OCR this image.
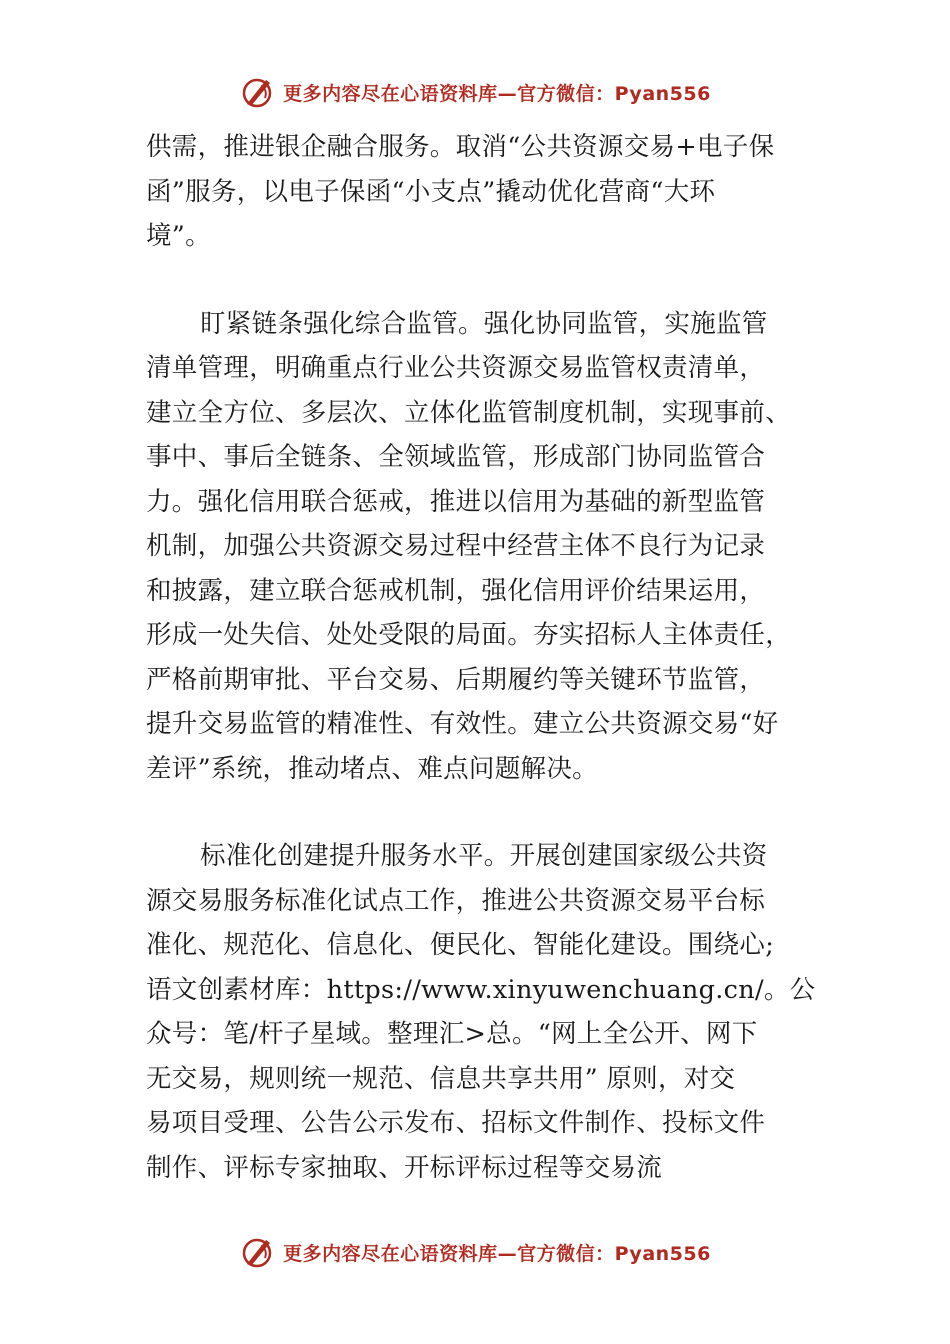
更多内容尽在心语资料库—官方微信：Pyan556
供需，推进银企融合服务。取消“公共资源交易+电子保
函”服务，以电子保函“小支点”撬动优化营商“大环
境”。
盯紧链条强化综合监管。强化协同监管，实施监管
清单管理，明确重点行业公共资源交易监管权责清单，
建立全方位、多层次、立体化监管制度机制，实现事前、
事中、事后全链条、全领域监管，形成部门协同监管合
力。强化信用联合惩戒，推进以信用为基础的新型监管
机制，加强公共资源交易过程中经营主体不良行为记录
和披露，建立联合惩戒机制，强化信用评价结果运用，
形成一处失信、处处受限的局面。夯实招标人主体责任，
严格前期审批、平台交易、后期履约等关键环节监管，
提升交易监管的精准性、有效性。建立公共资源交易“好
差评”系统，推动堵点、难点问题解决。
标准化创建提升服务水平。开展创建国家级公共资
源交易服务标准化试点工作，推进公共资源交易平台标
准化、规范化、信息化、便民化、智能化建设。围绕心;
语文创素材库：https://www.xinyuwenchuang.cn/。公
众号：笔/杆子星域。整理汇>总。“网上全公开、网下
无交易，规则统一规范、信息共享共用” 原则，对交
易项目受理、公告公示发布、招标文件制作、投标文件
制作、评标专家抽取、开标评标过程等交易流
更多内容尽在心语资料库—官方微信：Pyan556
